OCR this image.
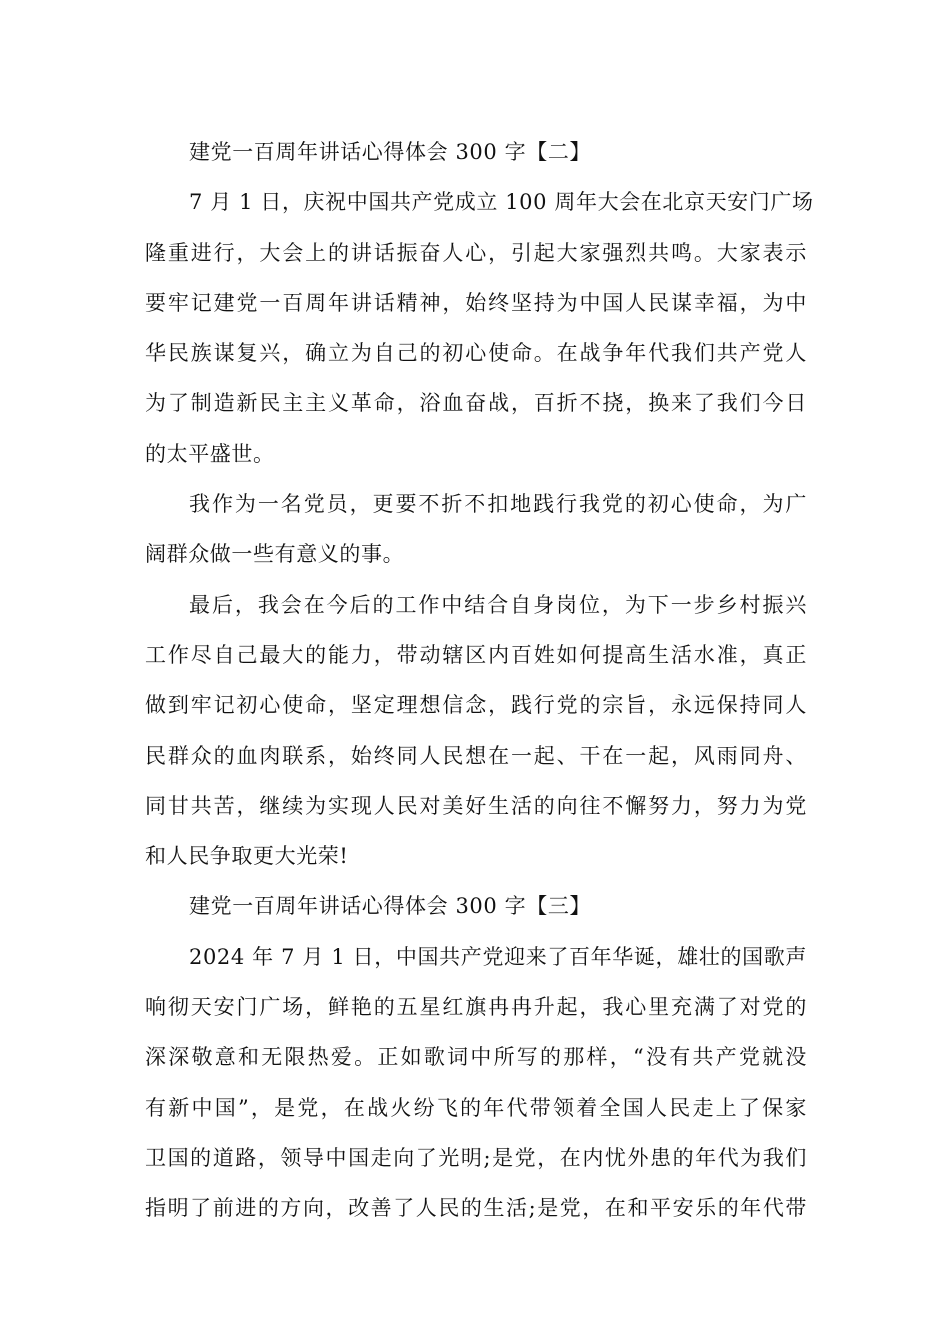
建党一百周年讲话心得体会 300 字【二】
7 月 1 日，庆祝中国共产党成立 100 周年大会在北京天安门广场
隆重进行，大会上的讲话振奋人心，引起大家强烈共鸣。大家表示
要牢记建党一百周年讲话精神，始终坚持为中国人民谋幸福，为中
华民族谋复兴，确立为自己的初心使命。在战争年代我们共产党人
为了制造新民主主义革命，浴血奋战，百折不挠，换来了我们今日
的太平盛世。
我作为一名党员，更要不折不扣地践行我党的初心使命，为广
阔群众做一些有意义的事。
最后，我会在今后的工作中结合自身岗位，为下一步乡村振兴
工作尽自己最大的能力，带动辖区内百姓如何提高生活水准，真正
做到牢记初心使命，坚定理想信念，践行党的宗旨，永远保持同人
民群众的血肉联系，始终同人民想在一起、干在一起，风雨同舟、
同甘共苦，继续为实现人民对美好生活的向往不懈努力，努力为党
和人民争取更大光荣!
建党一百周年讲话心得体会 300 字【三】
2024 年 7 月 1 日，中国共产党迎来了百年华诞，雄壮的国歌声
响彻天安门广场，鲜艳的五星红旗冉冉升起，我心里充满了对党的
深深敬意和无限热爱。正如歌词中所写的那样，“没有共产党就没
有新中国”，是党，在战火纷飞的年代带领着全国人民走上了保家
卫国的道路，领导中国走向了光明;是党，在内忧外患的年代为我们
指明了前进的方向，改善了人民的生活;是党，在和平安乐的年代带
